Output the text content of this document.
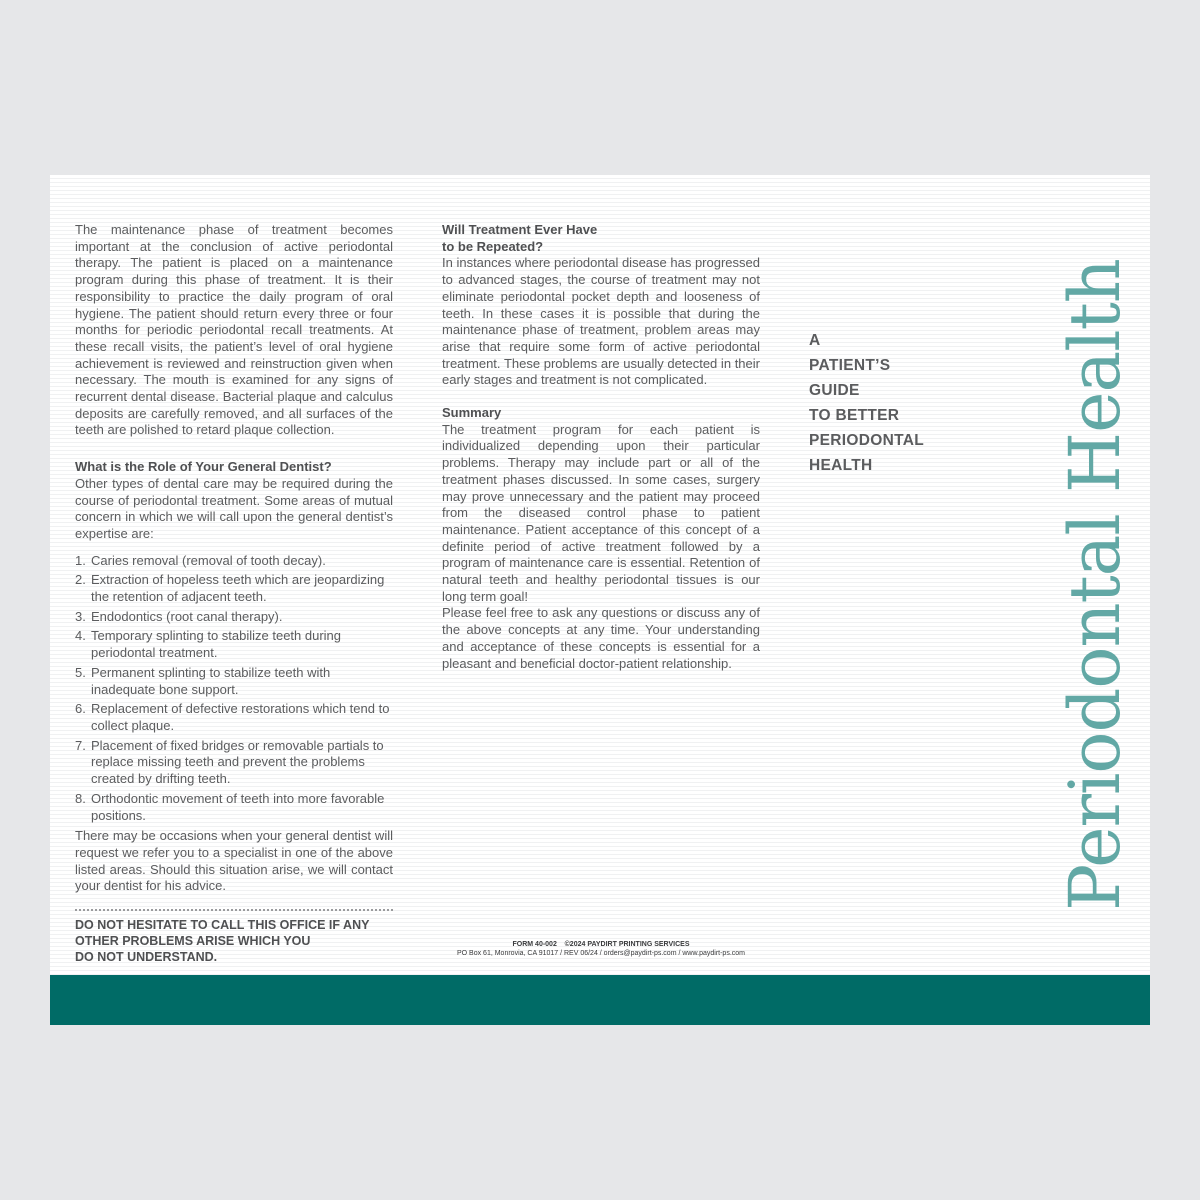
The maintenance phase of treatment becomes important at the conclusion of active periodontal therapy. The patient is placed on a maintenance program during this phase of treatment. It is their responsibility to practice the daily program of oral hygiene. The patient should return every three or four months for periodic periodontal recall treatments. At these recall visits, the patient’s level of oral hygiene achievement is reviewed and reinstruction given when necessary. The mouth is examined for any signs of recurrent dental disease. Bacterial plaque and calculus deposits are carefully removed, and all surfaces of the teeth are polished to retard plaque collection.

What is the Role of Your General Dentist?

Other types of dental care may be required during the course of periodontal treatment. Some areas of mutual concern in which we will call upon the general dentist’s expertise are:

1. Caries removal (removal of tooth decay).
2. Extraction of hopeless teeth which are jeopardizing the retention of adjacent teeth.
3. Endodontics (root canal therapy).
4. Temporary splinting to stabilize teeth during periodontal treatment.
5. Permanent splinting to stabilize teeth with inadequate bone support.
6. Replacement of defective restorations which tend to collect plaque.
7. Placement of fixed bridges or removable partials to replace missing teeth and prevent the problems created by drifting teeth.
8. Orthodontic movement of teeth into more favorable positions.

There may be occasions when your general dentist will request we refer you to a specialist in one of the above listed areas. Should this situation arise, we will contact your dentist for his advice.

DO NOT HESITATE TO CALL THIS OFFICE IF ANY
OTHER PROBLEMS ARISE WHICH YOU
DO NOT UNDERSTAND.
Will Treatment Ever Have
to be Repeated?

In instances where periodontal disease has progressed to advanced stages, the course of treatment may not eliminate periodontal pocket depth and looseness of teeth. In these cases it is possible that during the maintenance phase of treatment, problem areas may arise that require some form of active periodontal treatment. These problems are usually detected in their early stages and treatment is not complicated.

Summary

The treatment program for each patient is individualized depending upon their particular problems. Therapy may include part or all of the treatment phases discussed. In some cases, surgery may prove unnecessary and the patient may proceed from the diseased control phase to patient maintenance. Patient acceptance of this concept of a definite period of active treatment followed by a program of maintenance care is essential. Retention of natural teeth and healthy periodontal tissues is our long term goal!

Please feel free to ask any questions or discuss any of the above concepts at any time. Your understanding and acceptance of these concepts is essential for a pleasant and beneficial doctor-patient relationship.

FORM 40-002 ©2024 PAYDIRT PRINTING SERVICES
PO Box 61, Monrovia, CA 91017 / REV 06/24 / orders@paydirt-ps.com / www.paydirt-ps.com
A
PATIENT’S
GUIDE
TO BETTER
PERIODONTAL
HEALTH	Periodontal Health
